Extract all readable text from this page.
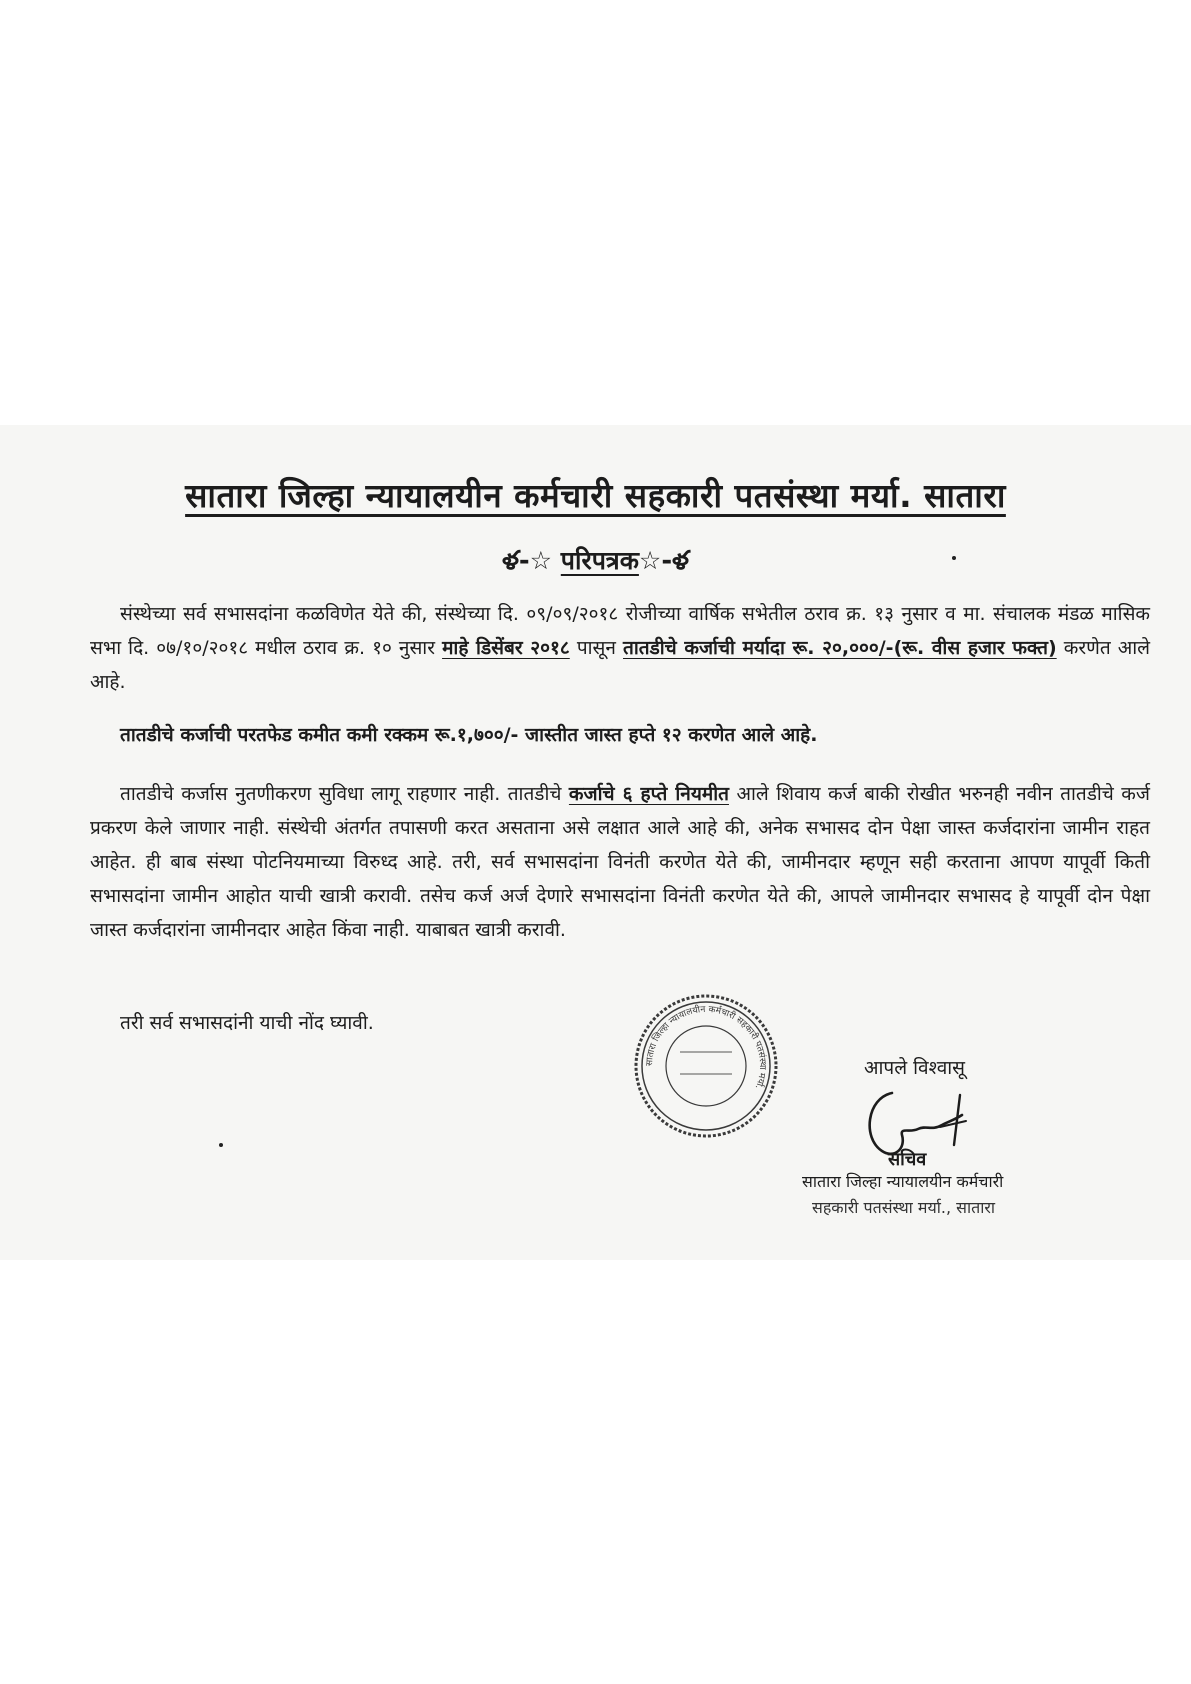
सातारा जिल्हा न्यायालयीन कर्मचारी सहकारी पतसंस्था मर्या. सातारा
ళ-☆ परिपत्रक☆-ళ

संस्थेच्या सर्व सभासदांना कळविणेत येते की, संस्थेच्या दि. ०९/०९/२०१८ रोजीच्या वार्षिक सभेतील ठराव क्र. १३ नुसार व मा. संचालक मंडळ मासिक सभा दि. ०७/१०/२०१८ मधील ठराव क्र. १० नुसार माहे डिसेंबर २०१८ पासून तातडीचे कर्जाची मर्यादा रू. २०,०००/-(रू. वीस हजार फक्त) करणेत आले आहे.

तातडीचे कर्जाची परतफेड कमीत कमी रक्कम रू.१,७००/- जास्तीत जास्त हप्ते १२ करणेत आले आहे.

तातडीचे कर्जास नुतणीकरण सुविधा लागू राहणार नाही. तातडीचे कर्जाचे ६ हप्ते नियमीत आले शिवाय कर्ज बाकी रोखीत भरुनही नवीन तातडीचे कर्ज प्रकरण केले जाणार नाही. संस्थेची अंतर्गत तपासणी करत असताना असे लक्षात आले आहे की, अनेक सभासद दोन पेक्षा जास्त कर्जदारांना जामीन राहत आहेत. ही बाब संस्था पोटनियमाच्या विरुध्द आहे. तरी, सर्व सभासदांना विनंती करणेत येते की, जामीनदार म्हणून सही करताना आपण यापूर्वी किती सभासदांना जामीन आहोत याची खात्री करावी. तसेच कर्ज अर्ज देणारे सभासदांना विनंती करणेत येते की, आपले जामीनदार सभासद हे यापूर्वी दोन पेक्षा जास्त कर्जदारांना जामीनदार आहेत किंवा नाही. याबाबत खात्री करावी.

तरी सर्व सभासदांनी याची नोंद घ्यावी.

सातारा जिल्हा न्यायालयीन कर्मचारी सहकारी पतसंस्था मर्या.
आपले विश्वासू
सचिव
सातारा जिल्हा न्यायालयीन कर्मचारी
सहकारी पतसंस्था मर्या., सातारा
